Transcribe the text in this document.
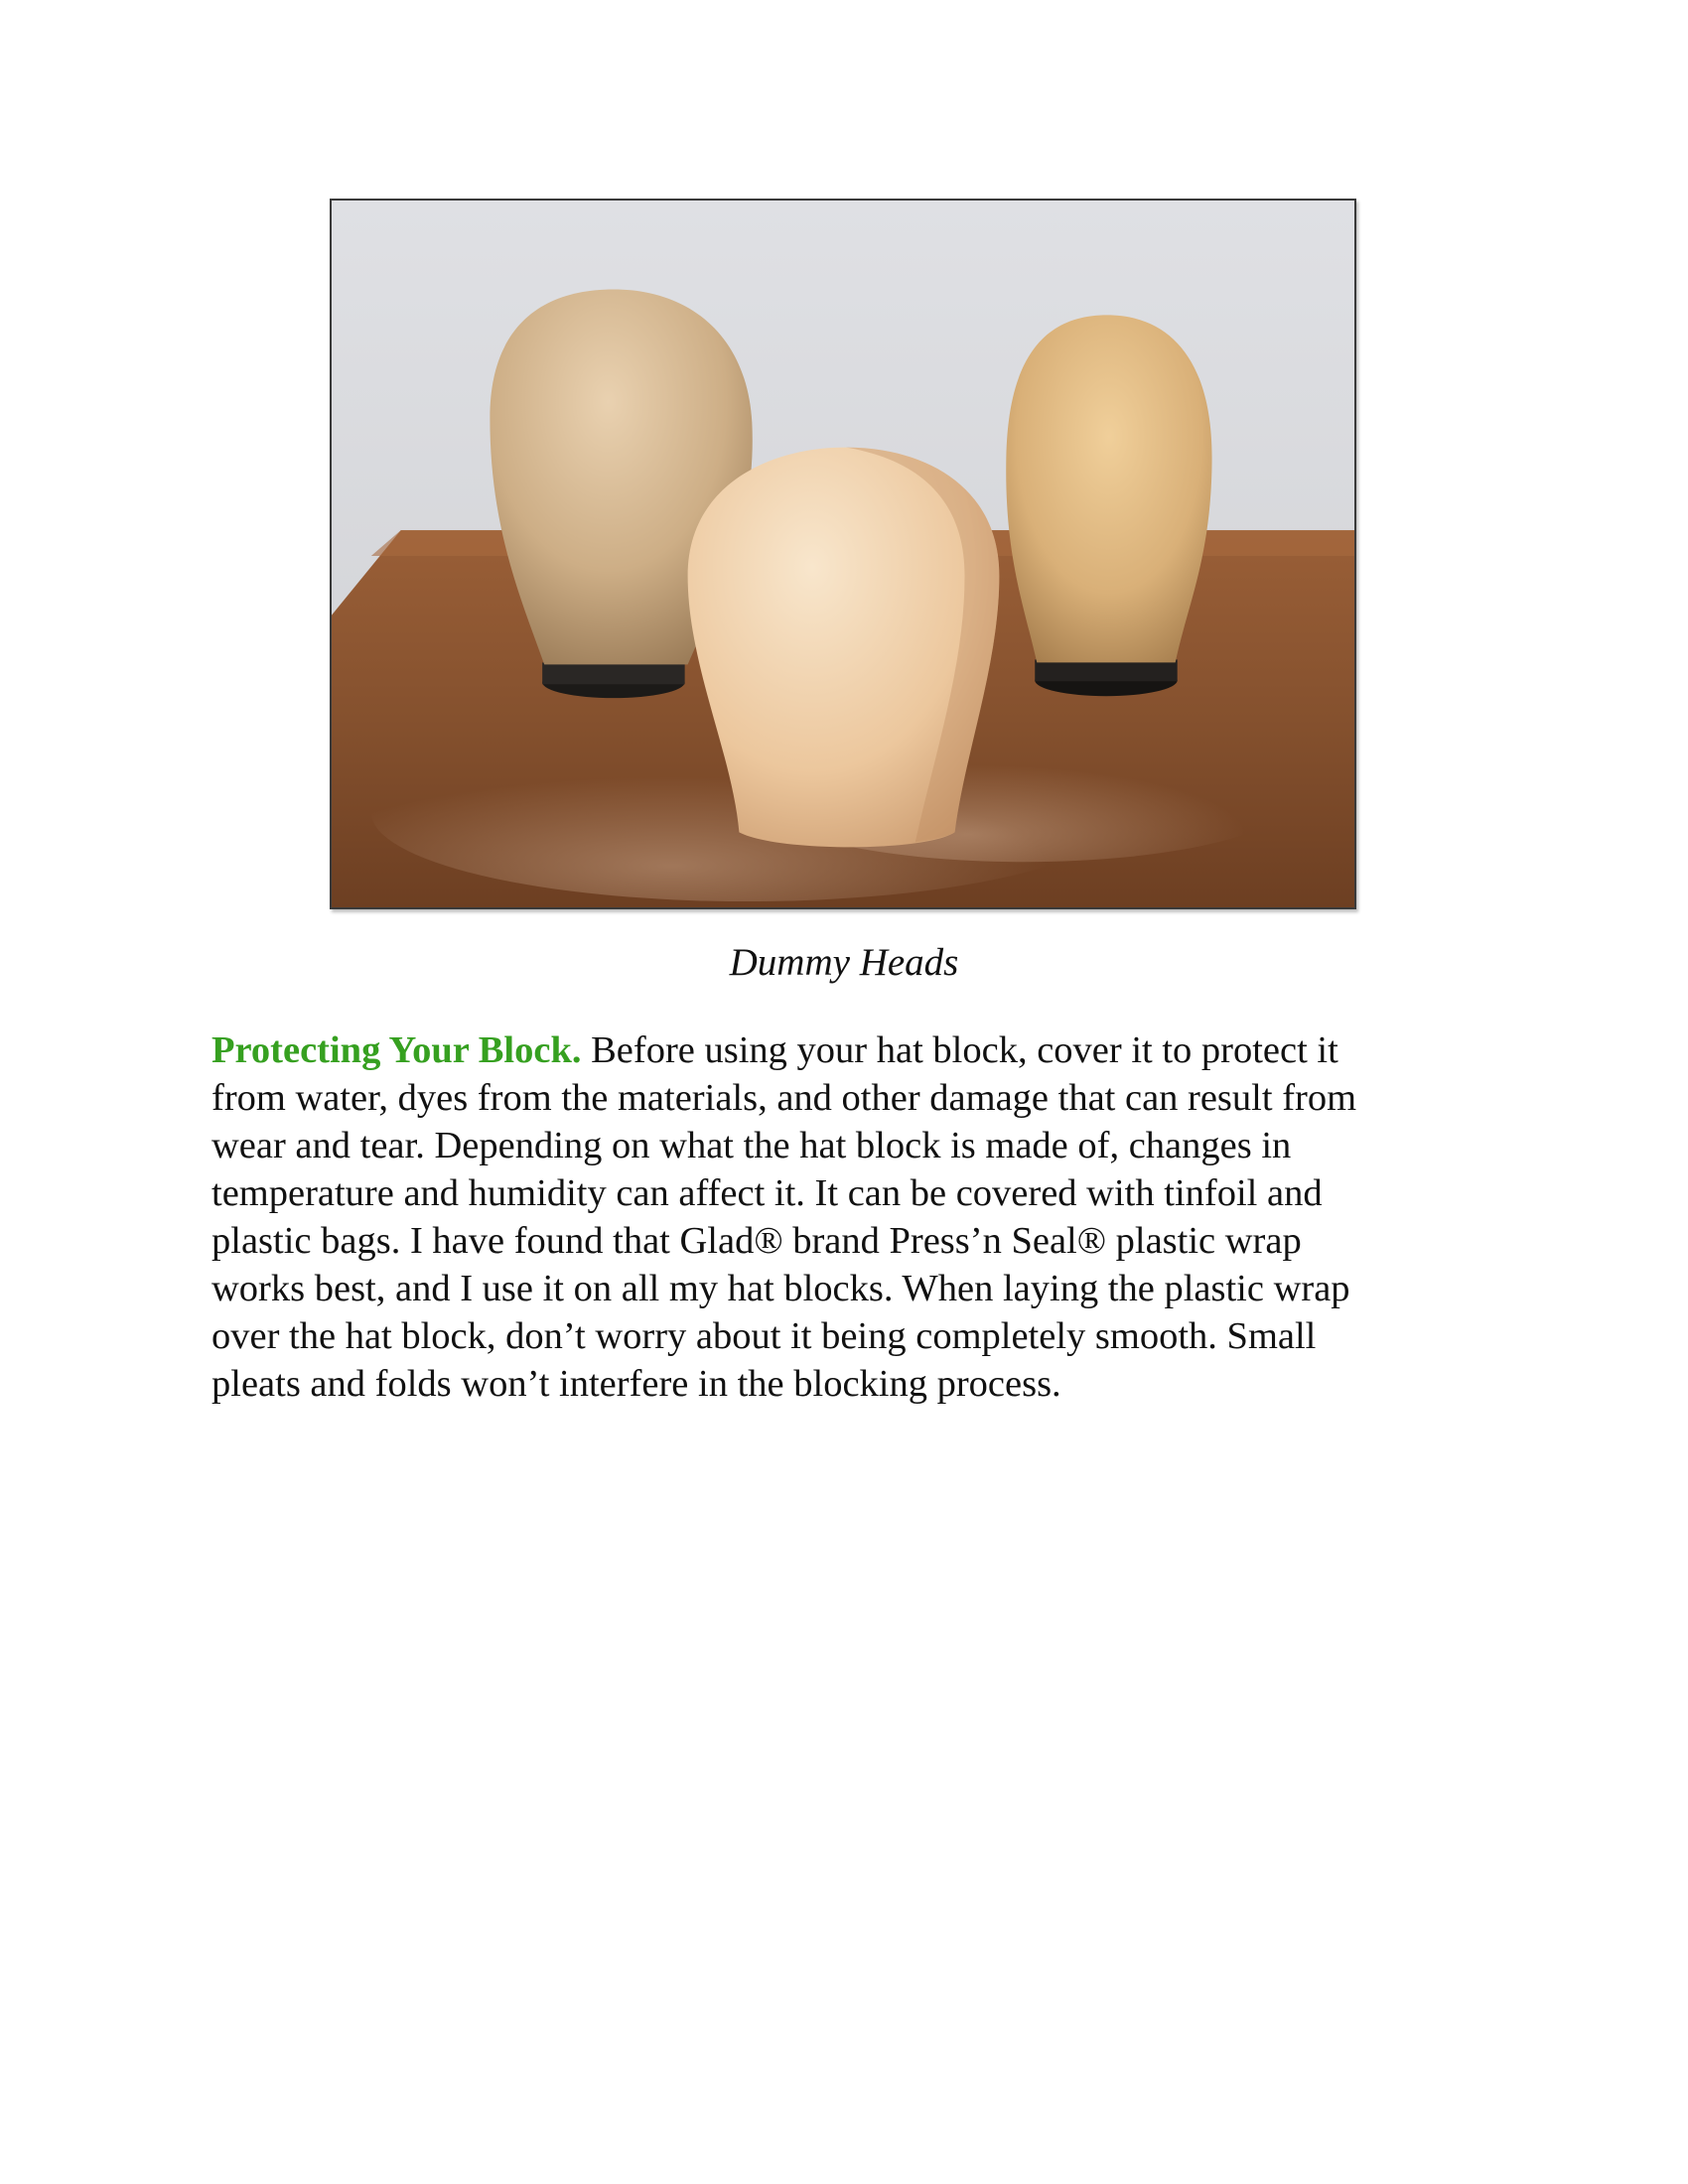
Dummy Heads

Protecting Your Block. Before using your hat block, cover it to protect it
from water, dyes from the materials, and other damage that can result from
wear and tear. Depending on what the hat block is made of, changes in
temperature and humidity can affect it. It can be covered with tinfoil and
plastic bags. I have found that Glad® brand Press’n Seal® plastic wrap
works best, and I use it on all my hat blocks. When laying the plastic wrap
over the hat block, don’t worry about it being completely smooth. Small
pleats and folds won’t interfere in the blocking process.
